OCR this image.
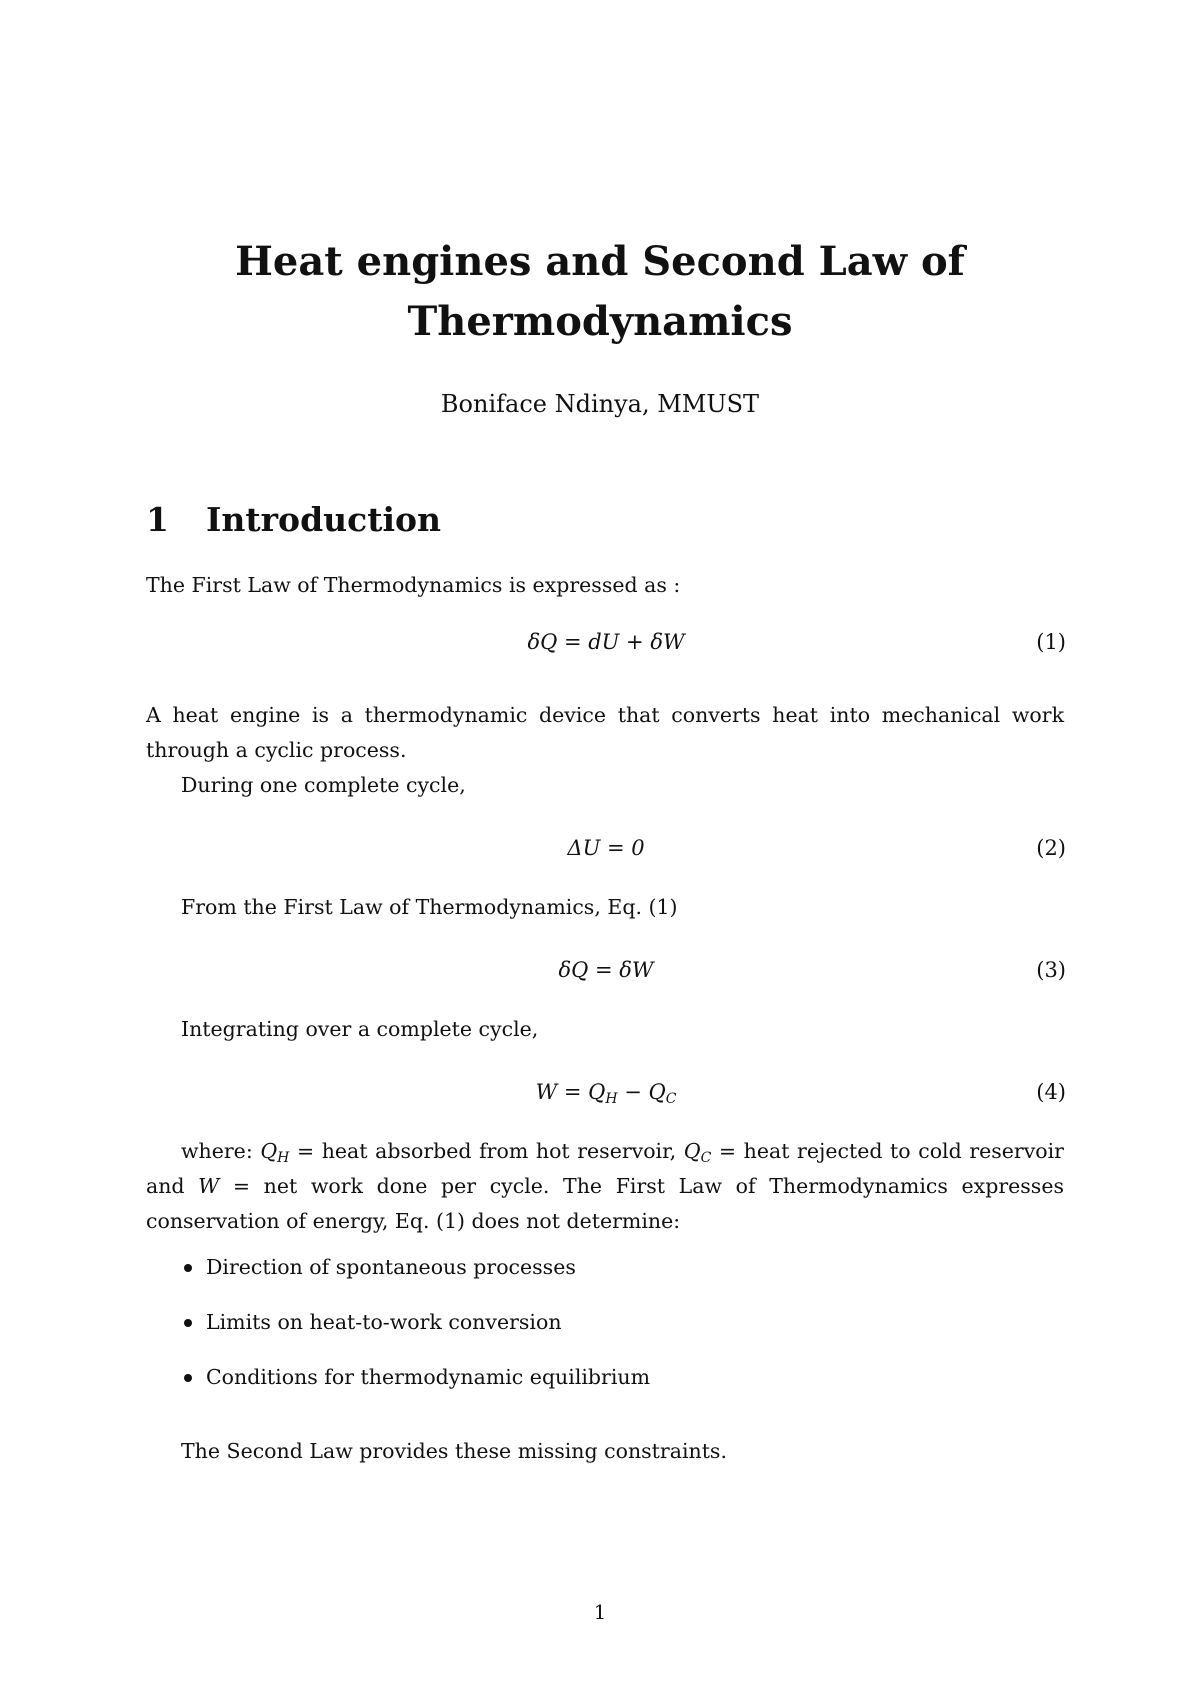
Heat engines and Second Law of
Thermodynamics
Boniface Ndinya, MMUST
1 Introduction
The First Law of Thermodynamics is expressed as :
δQ = dU + δW	(1)
A heat engine is a thermodynamic device that converts heat into mechanical work through a cyclic process.
During one complete cycle,
ΔU = 0	(2)
From the First Law of Thermodynamics, Eq. (1)
δQ = δW	(3)
Integrating over a complete cycle,
$W = Q_H - Q_C$	(4)
where: $Q_H$ = heat absorbed from hot reservoir, $Q_C$ = heat rejected to cold reservoir and W = net work done per cycle. The First Law of Thermodynamics expresses conservation of energy, Eq. (1) does not determine:
Direction of spontaneous processes
Limits on heat-to-work conversion
Conditions for thermodynamic equilibrium
The Second Law provides these missing constraints.
1
